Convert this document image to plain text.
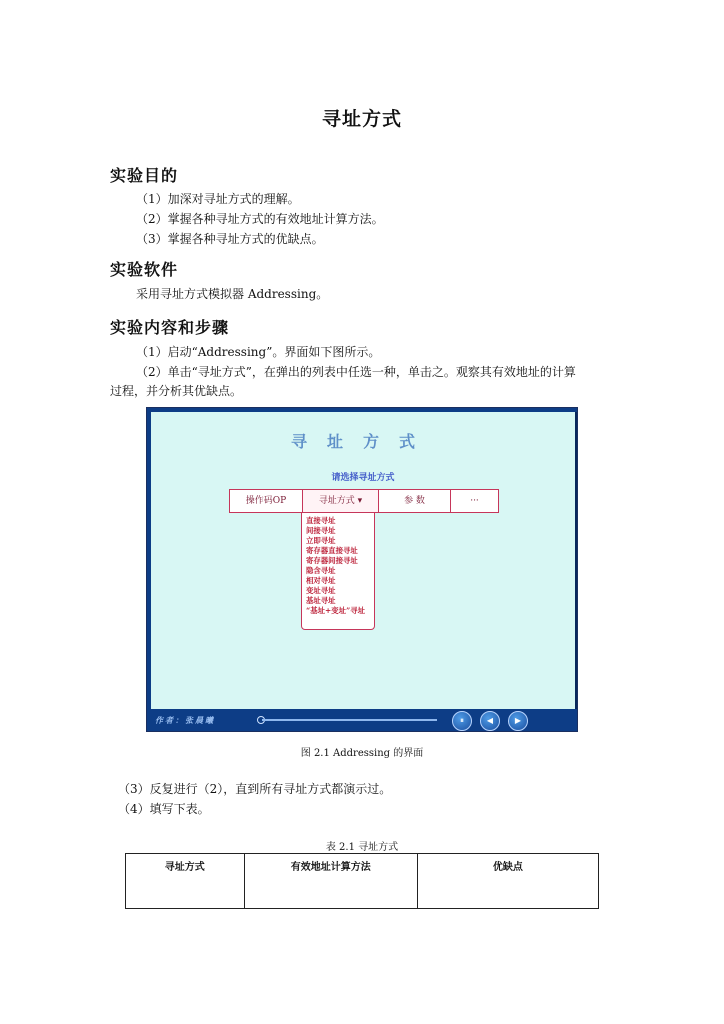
寻址方式
实验目的
（1）加深对寻址方式的理解。
（2）掌握各种寻址方式的有效地址计算方法。
（3）掌握各种寻址方式的优缺点。
实验软件
采用寻址方式模拟器 Addressing。
实验内容和步骤
（1）启动“Addressing”。界面如下图所示。
（2）单击“寻址方式”，在弹出的列表中任选一种，单击之。观察其有效地址的计算
过程，并分析其优缺点。
寻址方式
请选择寻址方式
操作码OP	寻址方式 ▾	参 数	···
直接寻址
间接寻址
立即寻址
寄存器直接寻址
寄存器间接寻址
隐含寻址
相对寻址
变址寻址
基址寻址
“基址+变址”寻址
作者：张晨曦	⏸	◀	▶
图 2.1 Addressing 的界面
（3）反复进行（2），直到所有寻址方式都演示过。
（4）填写下表。
表 2.1 寻址方式
寻址方式	有效地址计算方法	优缺点
